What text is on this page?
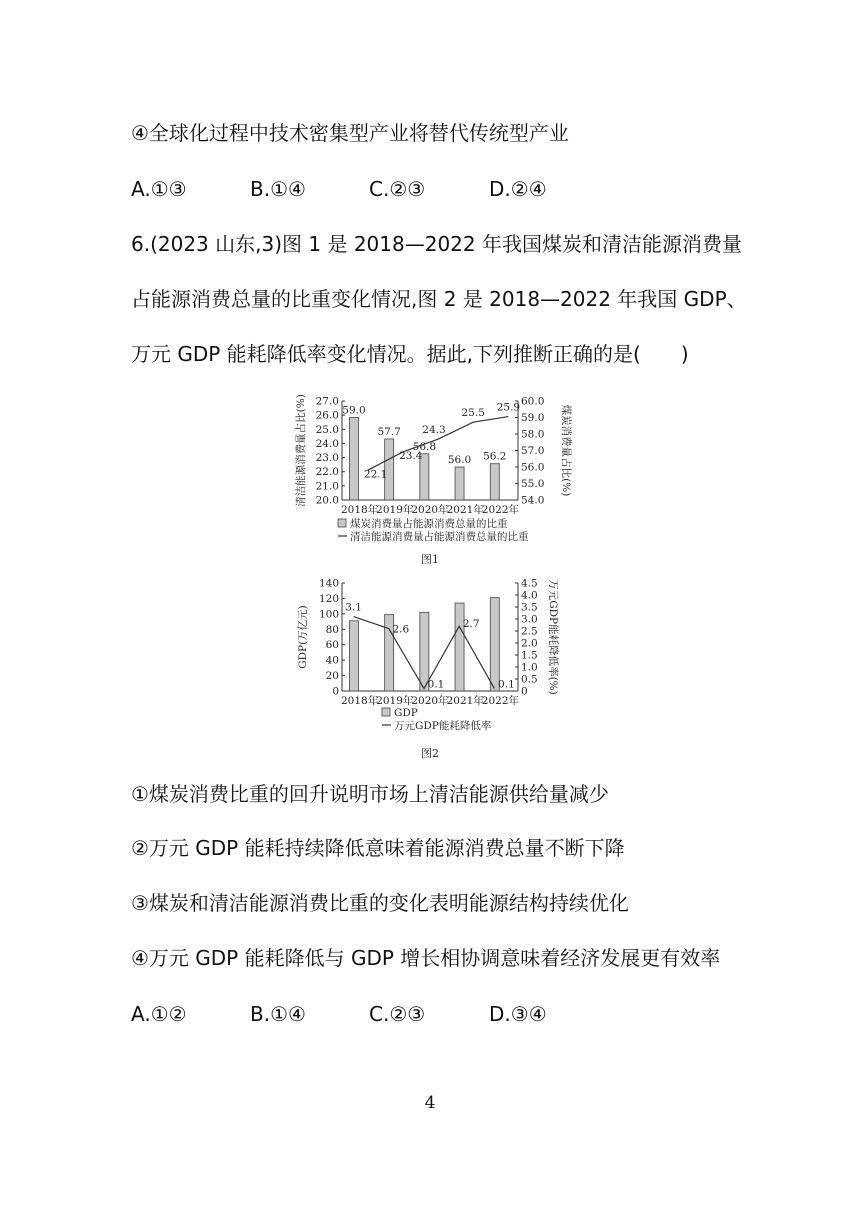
④全球化过程中技术密集型产业将替代传统型产业
A.①③	B.①④	C.②③	D.②④
6.(2023 山东,3)图 1 是 2018—2022 年我国煤炭和清洁能源消费量
占能源消费总量的比重变化情况,图 2 是 2018—2022 年我国 GDP、
万元 GDP 能耗降低率变化情况。据此,下列推断正确的是(　　)
20.0
21.0
22.0
23.0
24.0
25.0
26.0
27.0
54.0
55.0
56.0
57.0
58.0
59.0
60.0
清洁能源消费量占比(%)	煤炭消费量占比(%)
2018年
2019年
2020年
2021年
2022年
59.0
57.7
56.8
56.0 56.2
22.1
23.4
24.3
25.5 25.9
煤炭消费量占能源消费总量的比重
清洁能源消费量占能源消费总量的比重
图1
0
20
40
60
80
100
120
140
0
0.5
1.0
1.5
2.0
2.5
3.0
3.5
4.0
4.5
GDP(万亿元)	万元GDP能耗降低率(%)
2018年
2019年
2020年
2021年
2022年
3.1
2.6
0.1
2.7
0.1
GDP
万元GDP能耗降低率
图2
①煤炭消费比重的回升说明市场上清洁能源供给量减少
②万元 GDP 能耗持续降低意味着能源消费总量不断下降
③煤炭和清洁能源消费比重的变化表明能源结构持续优化
④万元 GDP 能耗降低与 GDP 增长相协调意味着经济发展更有效率
A.①②	B.①④	C.②③	D.③④
4
